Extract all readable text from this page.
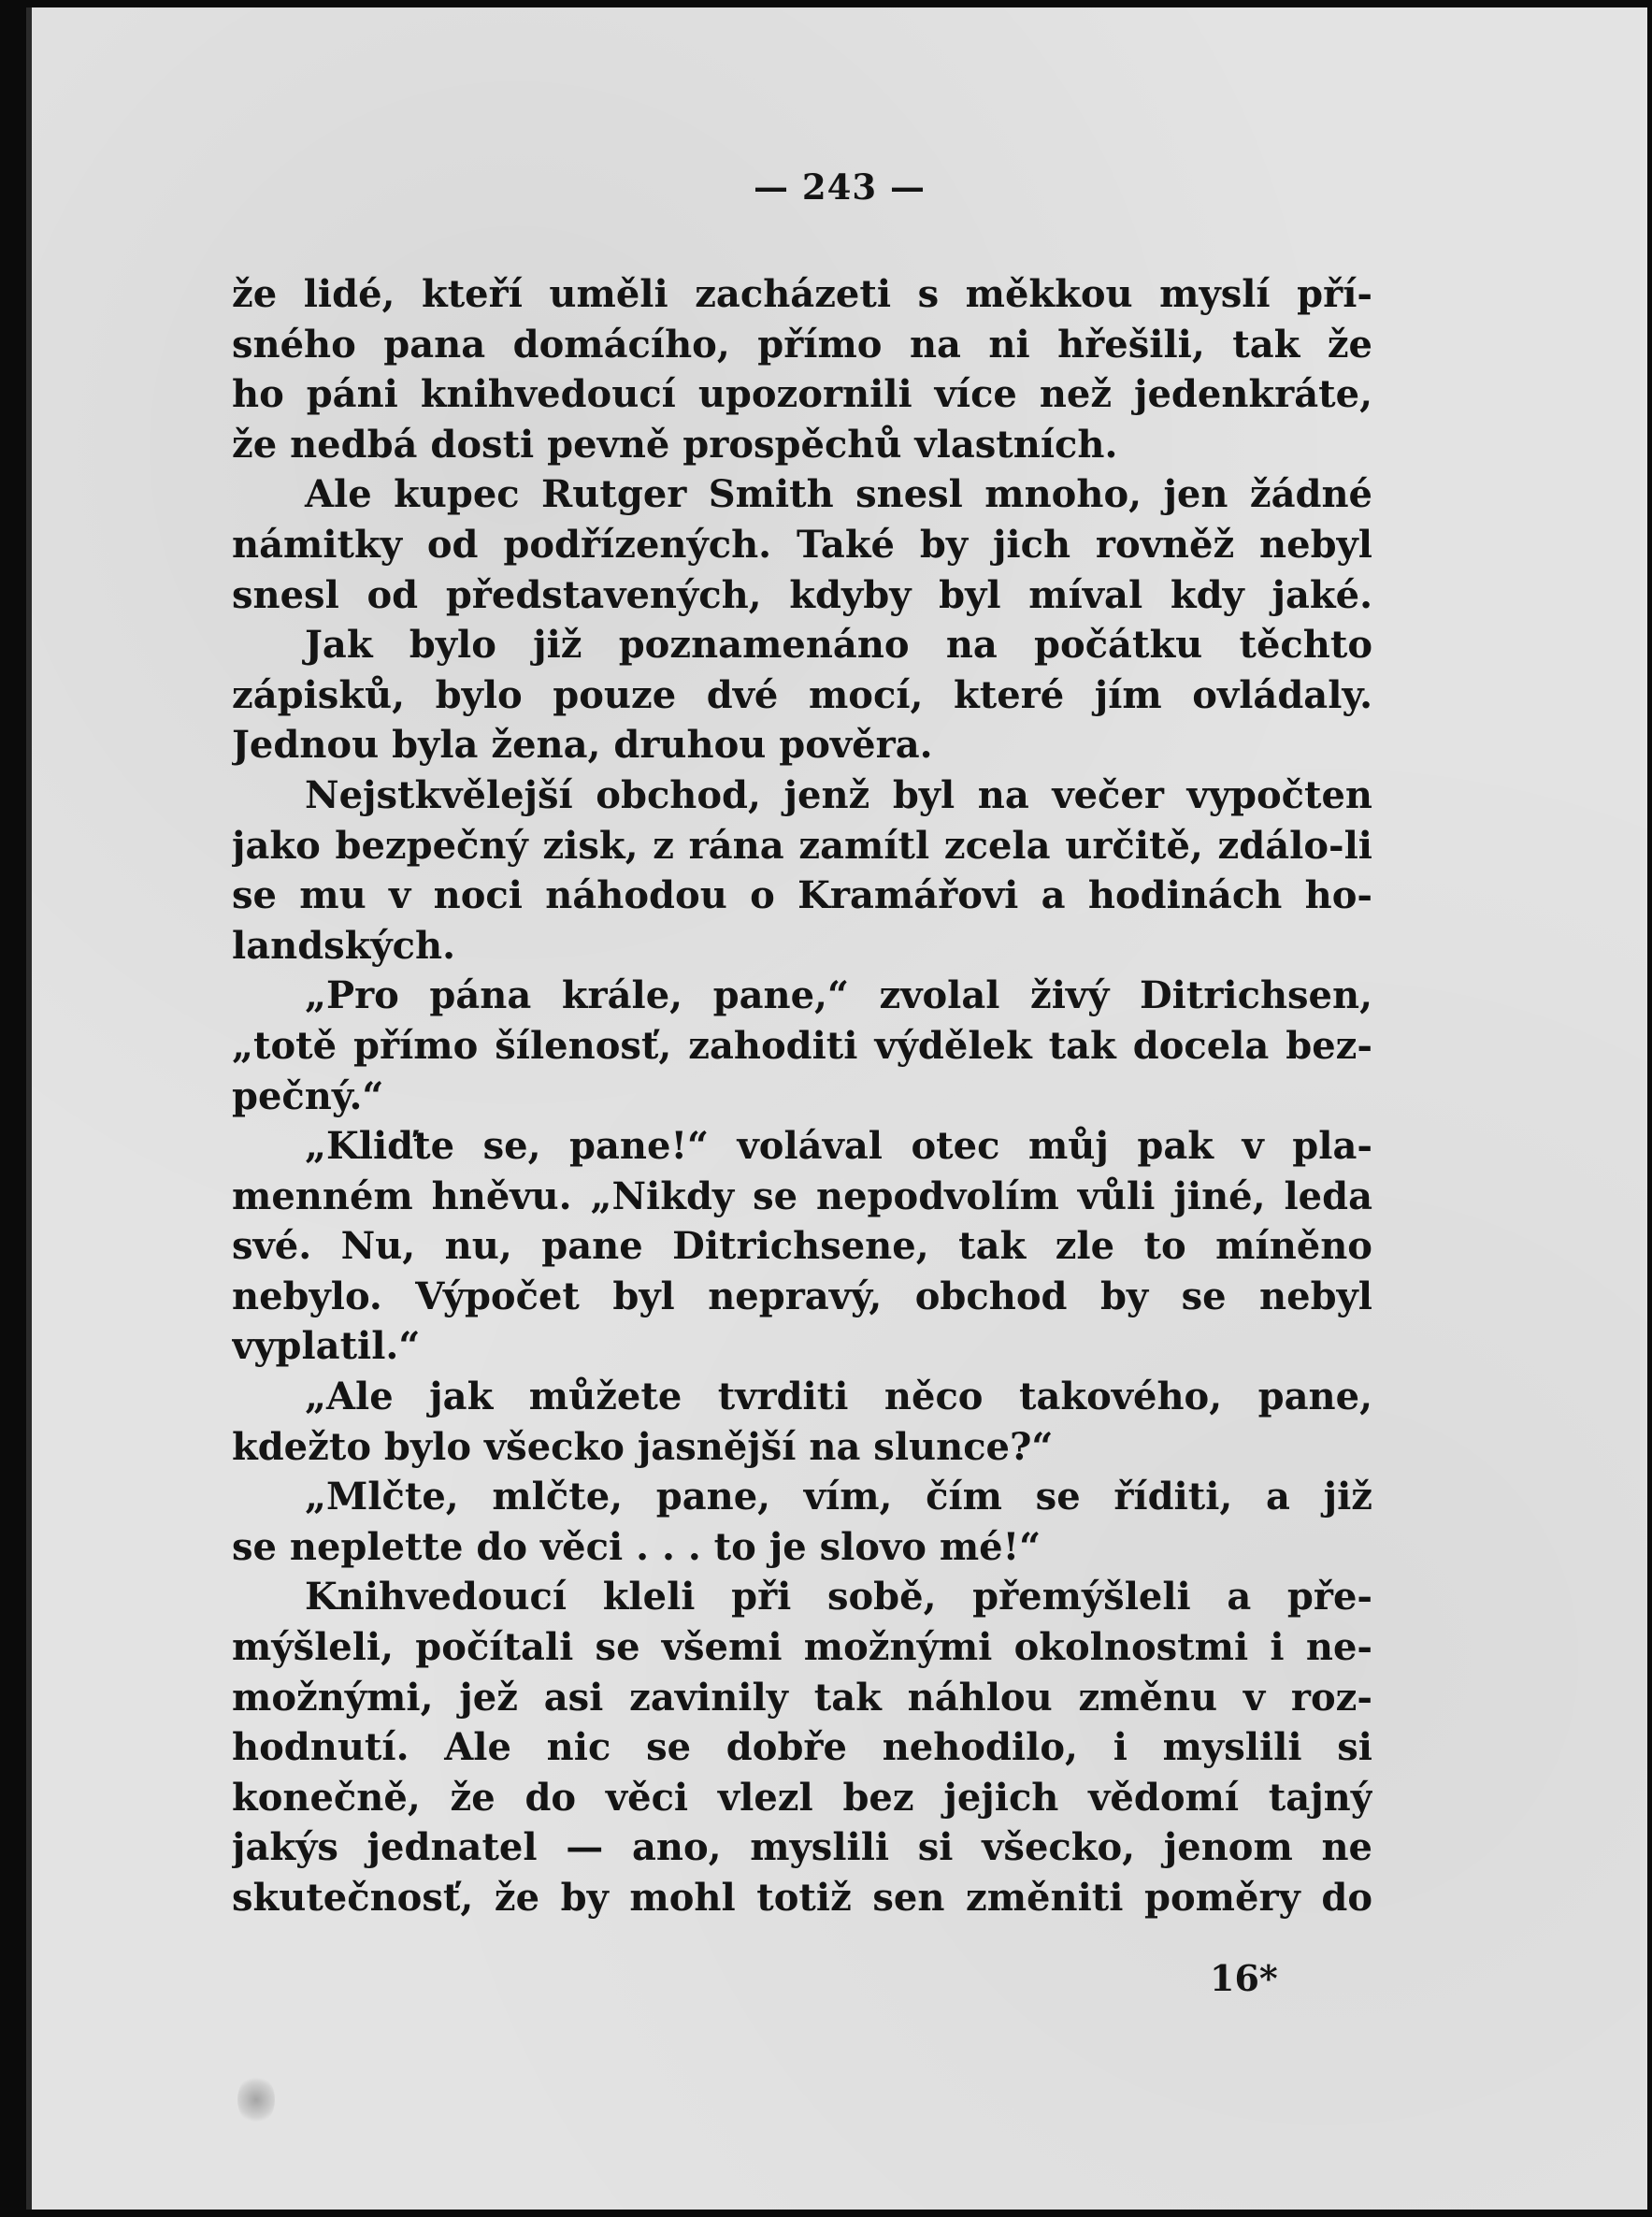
— 243 —
že lidé, kteří uměli zacházeti s měkkou myslí pří-
sného pana domácího, přímo na ni hřešili, tak že
ho páni knihvedoucí upozornili více než jedenkráte,
že nedbá dosti pevně prospěchů vlastních.
Ale kupec Rutger Smith snesl mnoho, jen žádné
námitky od podřízených. Také by jich rovněž nebyl
snesl od představených, kdyby byl míval kdy jaké.
Jak bylo již poznamenáno na počátku těchto
zápisků, bylo pouze dvé mocí, které jím ovládaly.
Jednou byla žena, druhou pověra.
Nejstkvělejší obchod, jenž byl na večer vypočten
jako bezpečný zisk, z rána zamítl zcela určitě, zdálo-li
se mu v noci náhodou o Kramářovi a hodinách ho-
landských.
„Pro pána krále, pane,“ zvolal živý Ditrichsen,
„totě přímo šílenosť, zahoditi výdělek tak docela bez-
pečný.“
„Kliďte se, pane!“ volával otec můj pak v pla-
menném hněvu. „Nikdy se nepodvolím vůli jiné, leda
své. Nu, nu, pane Ditrichsene, tak zle to míněno
nebylo. Výpočet byl nepravý, obchod by se nebyl
vyplatil.“
„Ale jak můžete tvrditi něco takového, pane,
kdežto bylo všecko jasnější na slunce?“
„Mlčte, mlčte, pane, vím, čím se říditi, a již
se neplette do věci . . . to je slovo mé!“
Knihvedoucí kleli při sobě, přemýšleli a pře-
mýšleli, počítali se všemi možnými okolnostmi i ne-
možnými, jež asi zavinily tak náhlou změnu v roz-
hodnutí. Ale nic se dobře nehodilo, i myslili si
konečně, že do věci vlezl bez jejich vědomí tajný
jakýs jednatel — ano, myslili si všecko, jenom ne
skutečnosť, že by mohl totiž sen změniti poměry do
16*
